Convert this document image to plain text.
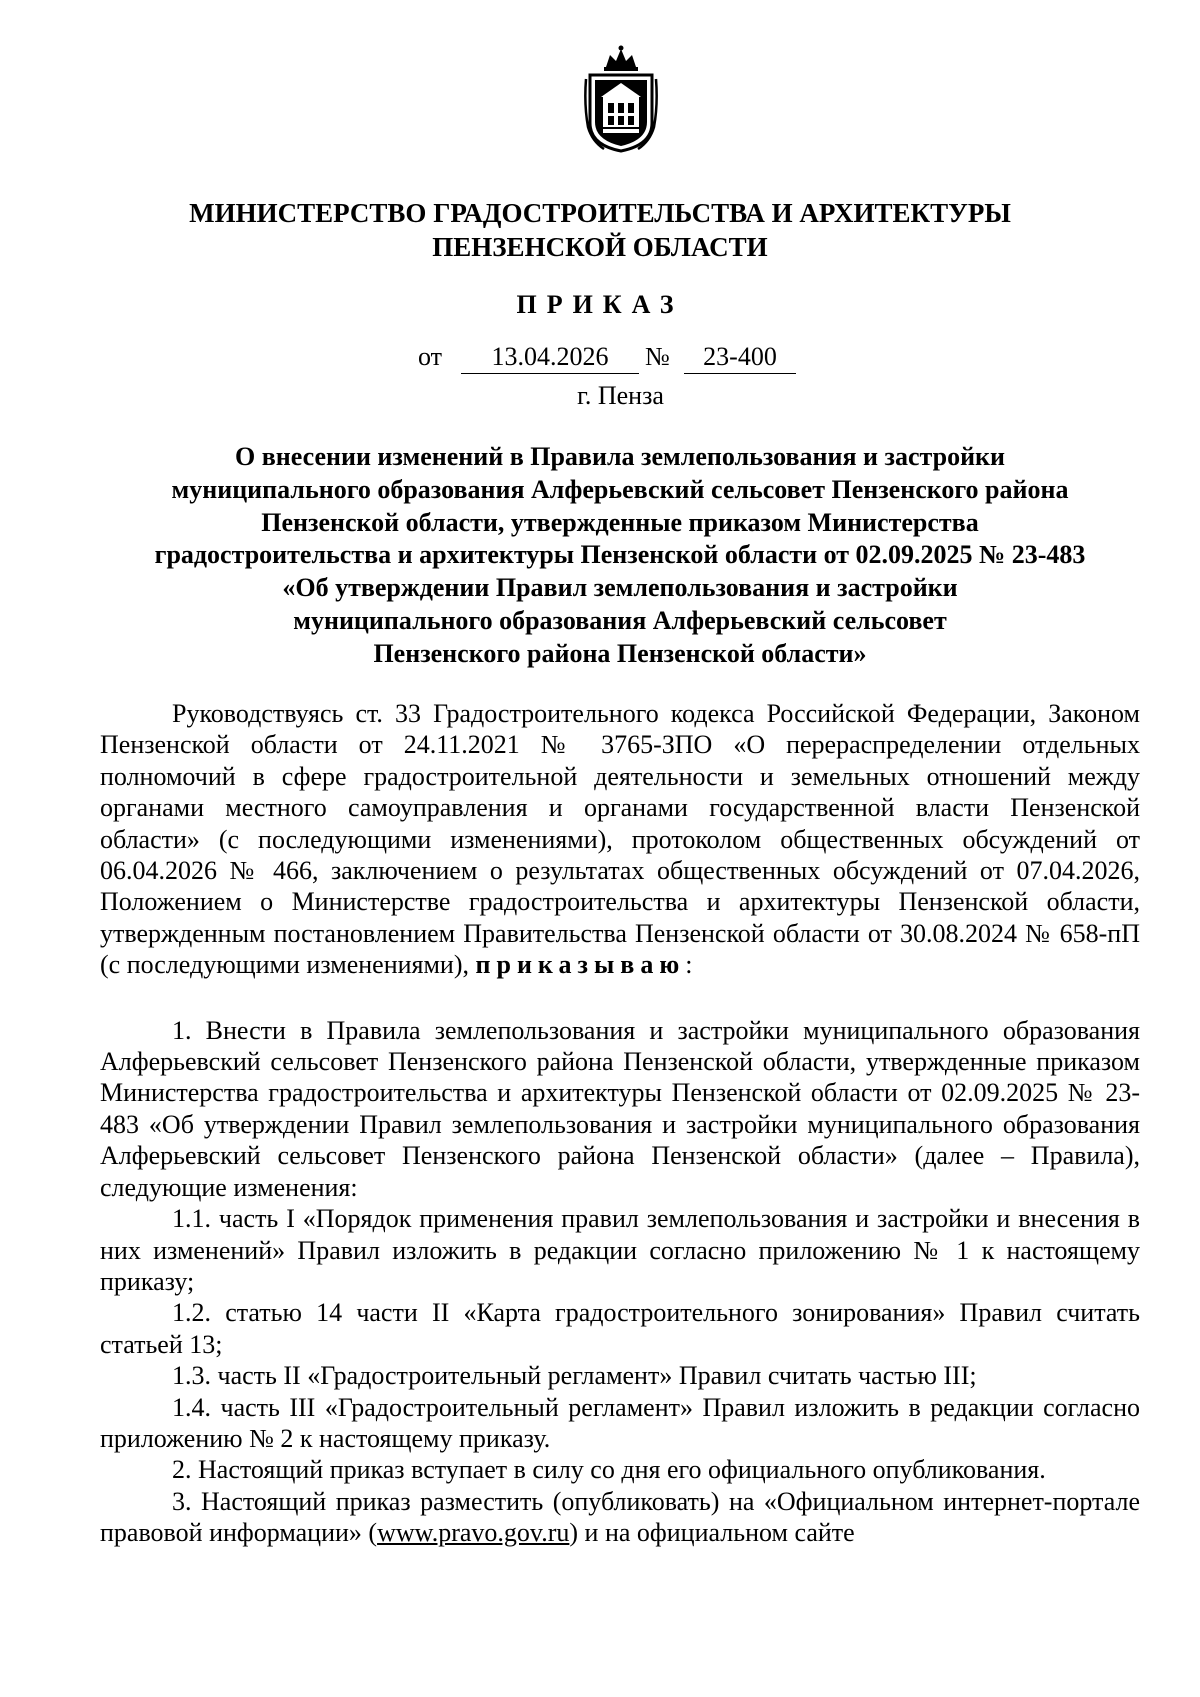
МИНИСТЕРСТВО ГРАДОСТРОИТЕЛЬСТВА И АРХИТЕКТУРЫ
ПЕНЗЕНСКОЙ ОБЛАСТИ
ПРИКАЗ
от	13.04.2026	№	23-400
г. Пенза
О внесении изменений в Правила землепользования и застройки
муниципального образования Алферьевский сельсовет Пензенского района
Пензенской области, утвержденные приказом Министерства
градостроительства и архитектуры Пензенской области от 02.09.2025 № 23-483
«Об утверждении Правил землепользования и застройки
муниципального образования Алферьевский сельсовет
Пензенского района Пензенской области»

Руководствуясь ст. 33 Градостроительного кодекса Российской Федерации, Законом Пензенской области от 24.11.2021 № 3765-ЗПО «О перераспределении отдельных полномочий в сфере градостроительной деятельности и земельных отношений между органами местного самоуправления и органами государственной власти Пензенской области» (с последующими изменениями), протоколом общественных обсуждений от 06.04.2026 № 466, заключением о результатах общественных обсуждений от 07.04.2026, Положением о Министерстве градостроительства и архитектуры Пензенской области, утвержденным постановлением Правительства Пензенской области от 30.08.2024 № 658-пП (с последующими изменениями), приказываю:

1. Внести в Правила землепользования и застройки муниципального образования Алферьевский сельсовет Пензенского района Пензенской области, утвержденные приказом Министерства градостроительства и архитектуры Пензенской области от 02.09.2025 № 23-483 «Об утверждении Правил землепользования и застройки муниципального образования Алферьевский сельсовет Пензенского района Пензенской области» (далее – Правила), следующие изменения:

1.1. часть I «Порядок применения правил землепользования и застройки и внесения в них изменений» Правил изложить в редакции согласно приложению № 1 к настоящему приказу;

1.2. статью 14 части II «Карта градостроительного зонирования» Правил считать статьей 13;

1.3. часть II «Градостроительный регламент» Правил считать частью III;

1.4. часть III «Градостроительный регламент» Правил изложить в редакции согласно приложению № 2 к настоящему приказу.

2. Настоящий приказ вступает в силу со дня его официального опубликования.

3. Настоящий приказ разместить (опубликовать) на «Официальном интернет-портале правовой информации» (www.pravo.gov.ru) и на официальном сайте
